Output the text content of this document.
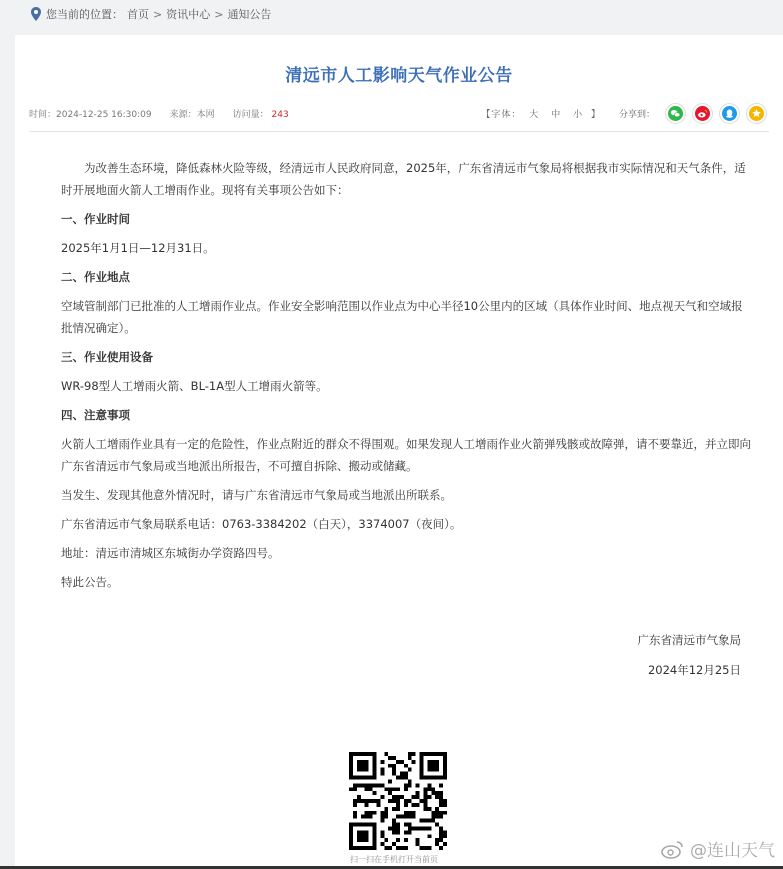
您当前的位置： 首页 > 资讯中心 > 通知公告
清远市人工影响天气作业公告
时间：2024-12-25 16:30:09 来源：本网 访问量： 243	【字体： 大 中 小 】 分享到：

为改善生态环境，降低森林火险等级，经清远市人民政府同意，2025年，广东省清远市气象局将根据我市实际情况和天气条件，适时开展地面火箭人工增雨作业。现将有关事项公告如下：

一、作业时间

2025年1月1日—12月31日。

二、作业地点

空域管制部门已批准的人工增雨作业点。作业安全影响范围以作业点为中心半径10公里内的区域（具体作业时间、地点视天气和空域报批情况确定）。

三、作业使用设备

WR-98型人工增雨火箭、BL-1A型人工增雨火箭等。

四、注意事项

火箭人工增雨作业具有一定的危险性，作业点附近的群众不得围观。如果发现人工增雨作业火箭弹残骸或故障弹，请不要靠近，并立即向广东省清远市气象局或当地派出所报告，不可擅自拆除、搬动或储藏。

当发生、发现其他意外情况时，请与广东省清远市气象局或当地派出所联系。

广东省清远市气象局联系电话：0763-3384202（白天），3374007（夜间）。

地址：清远市清城区东城街办学资路四号。

特此公告。

广东省清远市气象局
2024年12月25日
扫一扫在手机打开当前页	@连山天气
